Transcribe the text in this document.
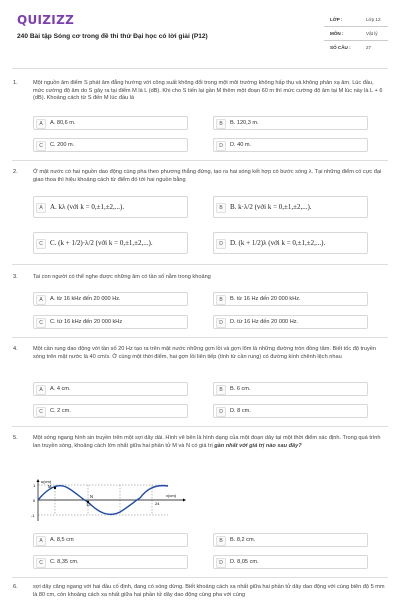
QUIZIZZ
240 Bài tập Sóng cơ trong đề thi thử Đại học có lời giải (P12)
LỚP :	Lớp 12
MÔN :	Vật lý
SỐ CÂU :	27
1.	Một nguồn âm điểm S phát âm đẳng hướng với công suất không đổi trong một môi trường không hấp thụ và không phản xạ âm. Lúc đầu, mức cường độ âm do S gây ra tại điểm M là L (dB). Khi cho S tiến lại gần M thêm một đoạn 60 m thì mức cường độ âm tại M lúc này là L + 6 (dB). Khoảng cách từ S đến M lúc đầu là
A	A. 80,6 m.	B	B. 120,3 m.
C	C. 200 m.	D	D. 40 m.
2.	Ở mặt nước có hai nguồn dao động cùng pha theo phương thẳng đứng, tạo ra hai sóng kết hợp có bước sóng λ. Tại những điểm có cực đại giao thoa thì hiệu khoảng cách từ điểm đó tới hai nguồn bằng
A	A. kλ (với k = 0,±1,±2,...).	B	B. k·λ/2 (với k = 0,±1,±2,...).
C	C. (k + 1/2)·λ/2 (với k = 0,±1,±2,...).	D	D. (k + 1/2)λ (với k = 0,±1,±2,...).
3.	Tai con người có thể nghe được những âm có tần số nằm trong khoảng
A	A. từ 16 kHz đến 20 000 Hz.	B	B. từ 16 Hz đến 20 000 kHz.
C	C. từ 16 kHz đến 20 000 kHz	D	D. từ 16 Hz đến 20 000 Hz.
4.	Một cần rung dao động với tần số 20 Hz tạo ra trên mặt nước những gợn lồi và gợn lõm là những đường tròn đồng tâm. Biết tốc độ truyền sóng trên mặt nước là 40 cm/s. Ở cùng một thời điểm, hai gợn lồi liên tiếp (tính từ cần rung) có đường kính chênh lệch nhau
A	A. 4 cm.	B	B. 6 cm.
C	C. 2 cm.	D	D. 8 cm.
5.	Một sóng ngang hình sin truyền trên một sợi dây dài. Hình vẽ bên là hình dạng của một đoạn dây tại một thời điểm xác định. Trong quá trình lan truyền sóng, khoảng cách lớn nhất giữa hai phần tử M và N có giá trị gần nhất với giá trị nào sau đây?
u(cm)
x(cm)
1
0
-1
12	24
M
N
A	A. 8,5 cm	B	B. 8,2 cm.
C	C. 8,35 cm.	D	D. 8,05 cm.
6.	sợi dây căng ngang với hai đầu cố định, đang có sóng dừng. Biết khoảng cách xa nhất giữa hai phần tử dây dao động với cùng biên độ 5 mm là 80 cm, còn khoảng cách xa nhất giữa hai phần tử dây dao động cùng pha với cùng
